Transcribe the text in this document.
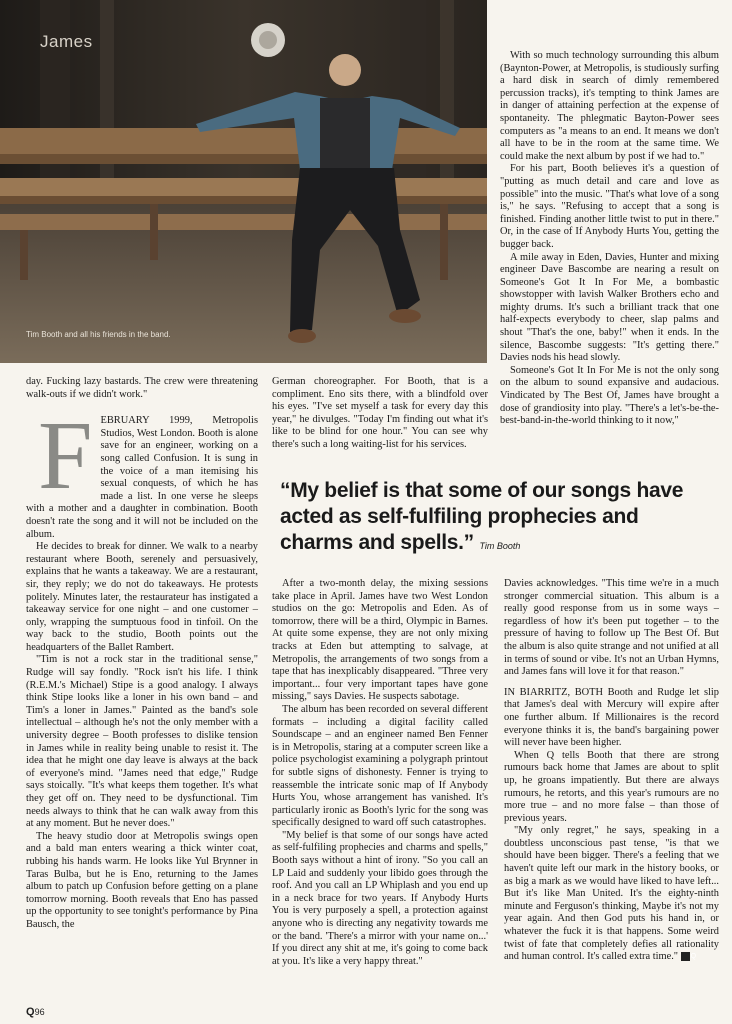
James
Tim Booth and all his friends in the band.

With so much technology surrounding this album (Baynton-Power, at Metropolis, is studiously surfing a hard disk in search of dimly remembered percussion tracks), it's tempting to think James are in danger of attaining perfection at the expense of spontaneity. The phlegmatic Bayton-Power sees computers as "a means to an end. It means we don't all have to be in the room at the same time. We could make the next album by post if we had to."

For his part, Booth believes it's a question of "putting as much detail and care and love as possible" into the music. "That's what love of a song is," he says. "Refusing to accept that a song is finished. Finding another little twist to put in there." Or, in the case of If Anybody Hurts You, getting the bugger back.

A mile away in Eden, Davies, Hunter and mixing engineer Dave Bascombe are nearing a result on Someone's Got It In For Me, a bombastic showstopper with lavish Walker Brothers echo and mighty drums. It's such a brilliant track that one half-expects everybody to cheer, slap palms and shout "That's the one, baby!" when it ends. In the silence, Bascombe suggests: "It's getting there." Davies nods his head slowly.

Someone's Got It In For Me is not the only song on the album to sound expansive and audacious. Vindicated by The Best Of, James have brought a dose of grandiosity into play. "There's a let's-be-the-best-band-in-the-world thinking to it now,"

day. Fucking lazy bastards. The crew were threatening walk-outs if we didn't work."

FEBRUARY 1999, Metropolis Studios, West London. Booth is alone save for an engineer, working on a song called Confusion. It is sung in the voice of a man itemising his sexual conquests, of which he has made a list. In one verse he sleeps with a mother and a daughter in combination. Booth doesn't rate the song and it will not be included on the album.

He decides to break for dinner. We walk to a nearby restaurant where Booth, serenely and persuasively, explains that he wants a takeaway. We are a restaurant, sir, they reply; we do not do takeaways. He protests politely. Minutes later, the restaurateur has instigated a takeaway service for one night – and one customer – only, wrapping the sumptuous food in tinfoil. On the way back to the studio, Booth points out the headquarters of the Ballet Rambert.

"Tim is not a rock star in the traditional sense," Rudge will say fondly. "Rock isn't his life. I think (R.E.M.'s Michael) Stipe is a good analogy. I always think Stipe looks like a loner in his own band – and Tim's a loner in James." Painted as the band's sole intellectual – although he's not the only member with a university degree – Booth professes to dislike tension in James while in reality being unable to resist it. The idea that he might one day leave is always at the back of everyone's mind. "James need that edge," Rudge says stoically. "It's what keeps them together. It's what they get off on. They need to be dysfunctional. Tim needs always to think that he can walk away from this at any moment. But he never does."

The heavy studio door at Metropolis swings open and a bald man enters wearing a thick winter coat, rubbing his hands warm. He looks like Yul Brynner in Taras Bulba, but he is Eno, returning to the James album to patch up Confusion before getting on a plane tomorrow morning. Booth reveals that Eno has passed up the opportunity to see tonight's performance by Pina Bausch, the

German choreographer. For Booth, that is a compliment. Eno sits there, with a blindfold over his eyes. "I've set myself a task for every day this year," he divulges. "Today I'm finding out what it's like to be blind for one hour." You can see why there's such a long waiting-list for his services.

“My belief is that some of our songs have acted as self-fulfiling prophecies and charms and spells.” Tim Booth

After a two-month delay, the mixing sessions take place in April. James have two West London studios on the go: Metropolis and Eden. As of tomorrow, there will be a third, Olympic in Barnes. At quite some expense, they are not only mixing tracks at Eden but attempting to salvage, at Metropolis, the arrangements of two songs from a tape that has inexplicably disappeared. "Three very important... four very important tapes have gone missing," says Davies. He suspects sabotage.

The album has been recorded on several different formats – including a digital facility called Soundscape – and an engineer named Ben Fenner is in Metropolis, staring at a computer screen like a police psychologist examining a polygraph printout for subtle signs of dishonesty. Fenner is trying to reassemble the intricate sonic map of If Anybody Hurts You, whose arrangement has vanished. It's particularly ironic as Booth's lyric for the song was specifically designed to ward off such catastrophes.

"My belief is that some of our songs have acted as self-fulfiling prophecies and charms and spells," Booth says without a hint of irony. "So you call an LP Laid and suddenly your libido goes through the roof. And you call an LP Whiplash and you end up in a neck brace for two years. If Anybody Hurts You is very purposely a spell, a protection against anyone who is directing any negativity towards me or the band. 'There's a mirror with your name on...' If you direct any shit at me, it's going to come back at you. It's like a very happy threat."

Davies acknowledges. "This time we're in a much stronger commercial situation. This album is a really good response from us in some ways – regardless of how it's been put together – to the pressure of having to follow up The Best Of. But the album is also quite strange and not unified at all in terms of sound or vibe. It's not an Urban Hymns, and James fans will love it for that reason."

IN BIARRITZ, BOTH Booth and Rudge let slip that James's deal with Mercury will expire after one further album. If Millionaires is the record everyone thinks it is, the band's bargaining power will never have been higher.

When Q tells Booth that there are strong rumours back home that James are about to split up, he groans impatiently. But there are always rumours, he retorts, and this year's rumours are no more true – and no more false – than those of previous years.

"My only regret," he says, speaking in a doubtless unconscious past tense, "is that we should have been bigger. There's a feeling that we haven't quite left our mark in the history books, or as big a mark as we would have liked to have left... But it's like Man United. It's the eighty-ninth minute and Ferguson's thinking, Maybe it's not my year again. And then God puts his hand in, or whatever the fuck it is that happens. Some weird twist of fate that completely defies all rationality and human control. It's called extra time." Q

Q96
